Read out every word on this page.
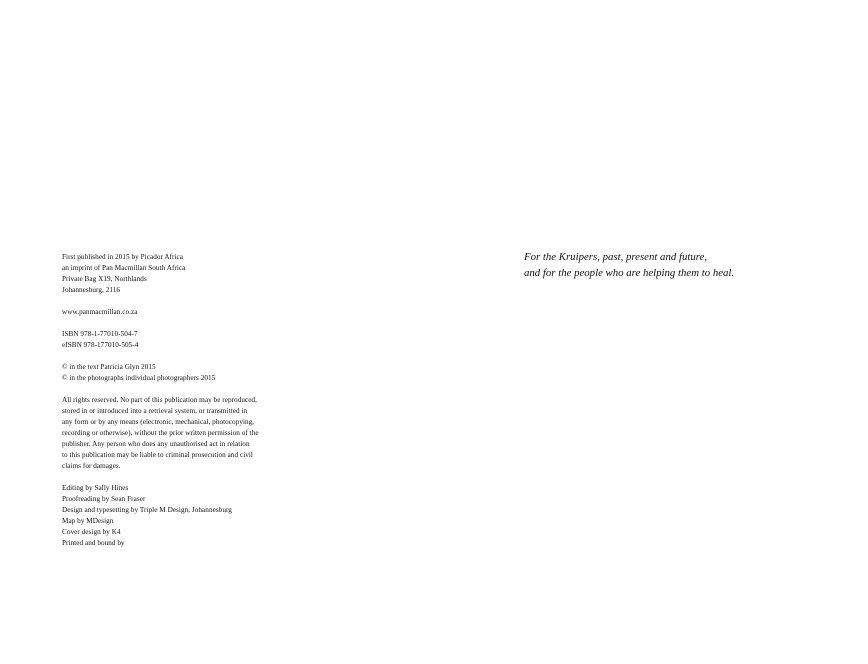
First published in 2015 by Picador Africa
an imprint of Pan Macmillan South Africa
Private Bag X19, Northlands
Johannesburg, 2116
www.panmacmillan.co.za
ISBN 978-1-77010-504-7
eISBN 978-177010-505-4
© in the text Patricia Glyn 2015
© in the photographs individual photographers 2015
All rights reserved. No part of this publication may be reproduced,
stored in or introduced into a retrieval system, or transmitted in
any form or by any means (electronic, mechanical, photocopying,
recording or otherwise), without the prior written permission of the
publisher. Any person who does any unauthorised act in relation
to this publication may be liable to criminal prosecution and civil
claims for damages.
Editing by Sally Hines
Proofreading by Sean Fraser
Design and typesetting by Triple M Design, Johannesburg
Map by MDesign
Cover design by K4
Printed and bound by
For the Kruipers, past, present and future,
and for the people who are helping them to heal.
